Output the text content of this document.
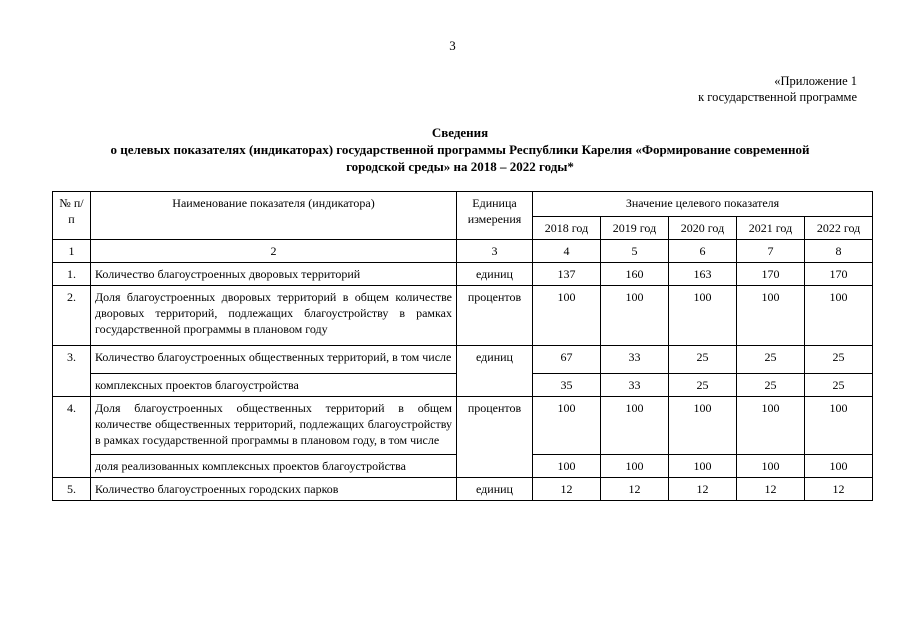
3
«Приложение 1
к государственной программе
Сведения
о целевых показателях (индикаторах) государственной программы Республики Карелия «Формирование современной
городской среды» на 2018 – 2022 годы*
№ п/п	Наименование показателя (индикатора)	Единица измерения	Значение целевого показателя				
			2018 год	2019 год	2020 год	2021 год	2022 год
1	2	3	4	5	6	7	8
1.	Количество благоустроенных дворовых территорий	единиц	137	160	163	170	170
2.	Доля благоустроенных дворовых территорий в общем количестве дворовых территорий, подлежащих благоустройству в рамках государственной программы в плановом году	процентов	100	100	100	100	100
3.	Количество благоустроенных общественных территорий, в том числе	единиц	67	33	25	25	25
	комплексных проектов благоустройства		35	33	25	25	25
4.	Доля благоустроенных общественных территорий в общем количестве общественных территорий, подлежащих благоустройству в рамках государственной программы в плановом году, в том числе	процентов	100	100	100	100	100
	доля реализованных комплексных проектов благоустройства		100	100	100	100	100
5.	Количество благоустроенных городских парков	единиц	12	12	12	12	12
